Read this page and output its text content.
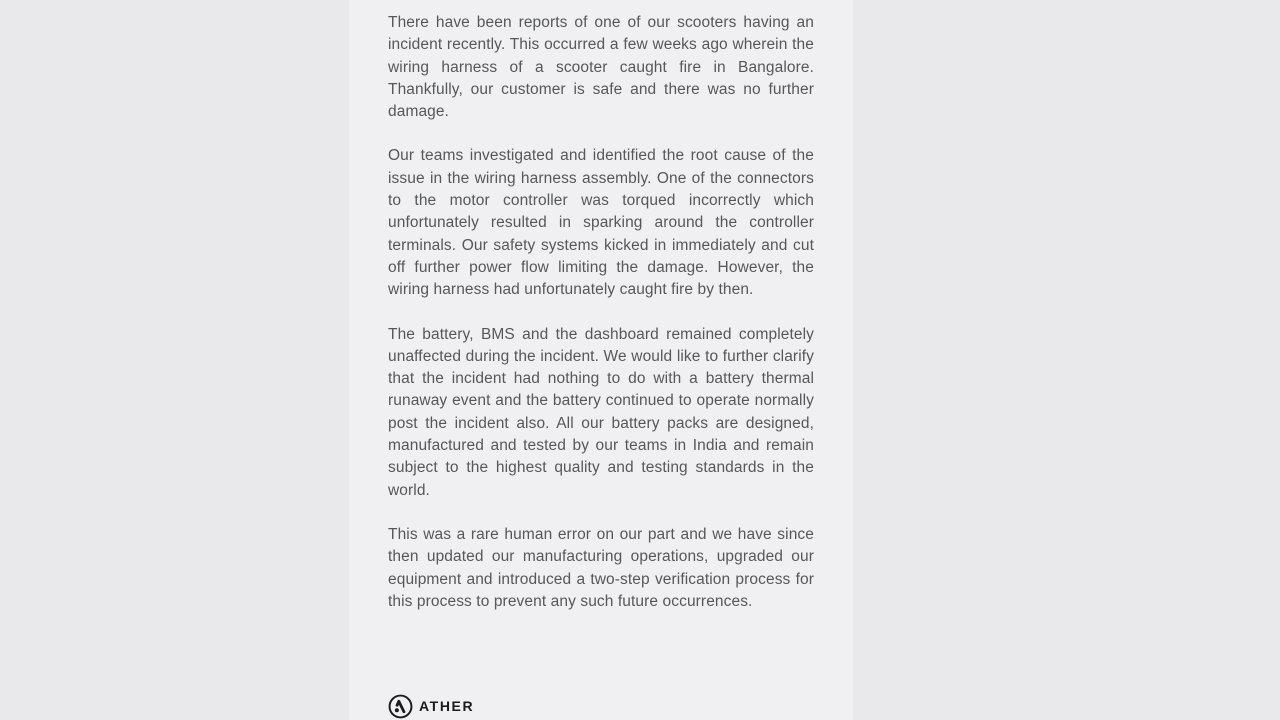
There have been reports of one of our scooters having an incident recently. This occurred a few weeks ago wherein the wiring harness of a scooter caught fire in Bangalore. Thankfully, our customer is safe and there was no further damage.

Our teams investigated and identified the root cause of the issue in the wiring harness assembly. One of the connectors to the motor controller was torqued incorrectly which unfortunately resulted in sparking around the controller terminals. Our safety systems kicked in immediately and cut off further power flow limiting the damage. However, the wiring harness had unfortunately caught fire by then.

The battery, BMS and the dashboard remained completely unaffected during the incident. We would like to further clarify that the incident had nothing to do with a battery thermal runaway event and the battery continued to operate normally post the incident also. All our battery packs are designed, manufactured and tested by our teams in India and remain subject to the highest quality and testing standards in the world.

This was a rare human error on our part and we have since then updated our manufacturing operations, upgraded our equipment and introduced a two-step verification process for this process to prevent any such future occurrences.

ATHER
